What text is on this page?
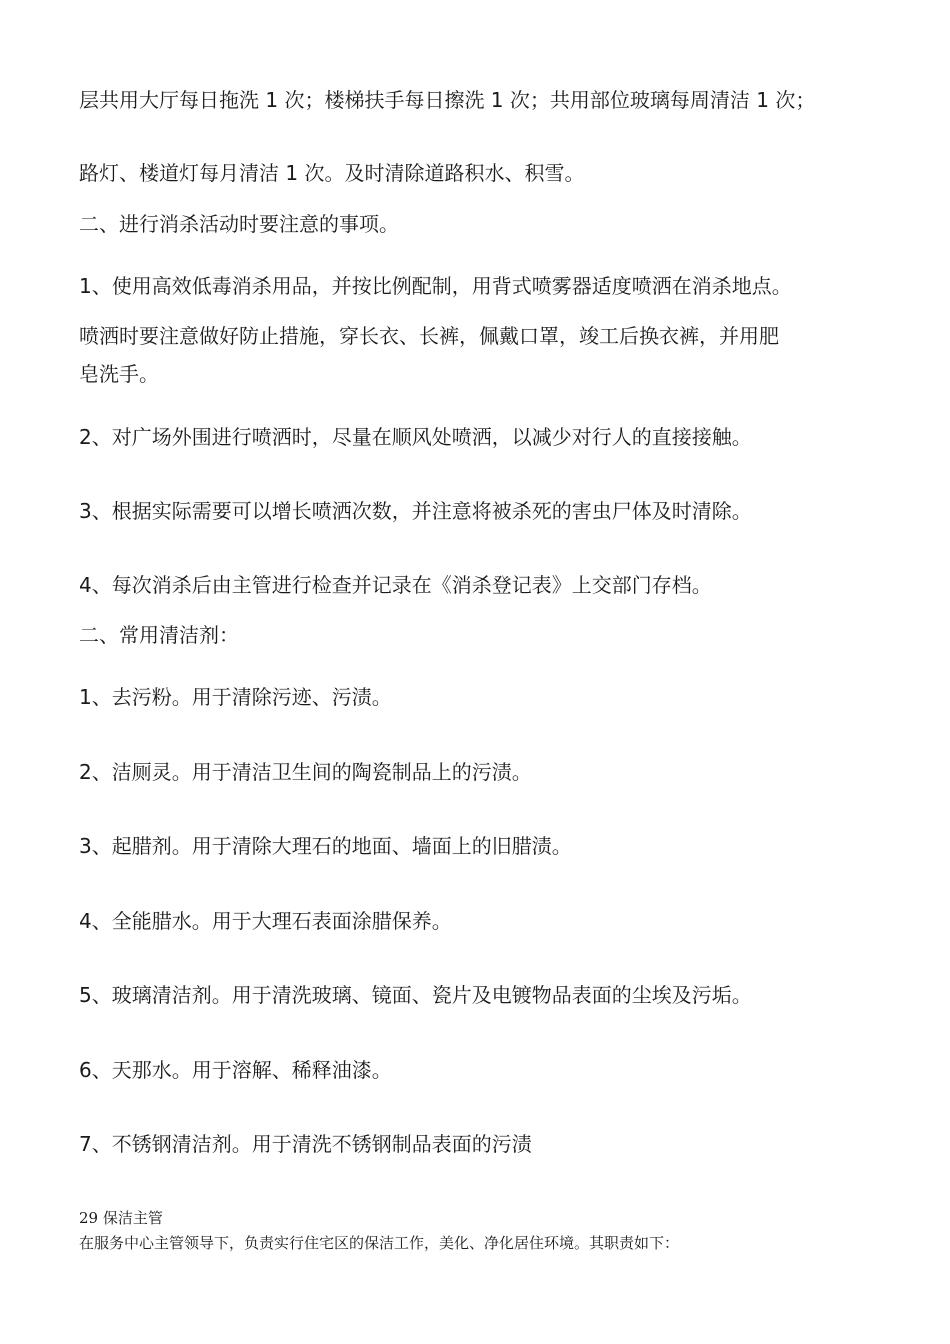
层共用大厅每日拖洗 1 次；楼梯扶手每日擦洗 1 次；共用部位玻璃每周清洁 1 次；
路灯、楼道灯每月清洁 1 次。及时清除道路积水、积雪。
二、进行消杀活动时要注意的事项。
1、使用高效低毒消杀用品，并按比例配制，用背式喷雾器适度喷洒在消杀地点。
喷洒时要注意做好防止措施，穿长衣、长裤，佩戴口罩，竣工后换衣裤，并用肥
皂洗手。
2、对广场外围进行喷洒时，尽量在顺风处喷洒，以减少对行人的直接接触。
3、根据实际需要可以增长喷洒次数，并注意将被杀死的害虫尸体及时清除。
4、每次消杀后由主管进行检查并记录在《消杀登记表》上交部门存档。
二、常用清洁剂：
1、去污粉。用于清除污迹、污渍。
2、洁厕灵。用于清洁卫生间的陶瓷制品上的污渍。
3、起腊剂。用于清除大理石的地面、墙面上的旧腊渍。
4、全能腊水。用于大理石表面涂腊保养。
5、玻璃清洁剂。用于清洗玻璃、镜面、瓷片及电镀物品表面的尘埃及污垢。
6、天那水。用于溶解、稀释油漆。
7、不锈钢清洁剂。用于清洗不锈钢制品表面的污渍
29 保洁主管
在服务中心主管领导下，负责实行住宅区的保洁工作，美化、净化居住环境。其职责如下：
